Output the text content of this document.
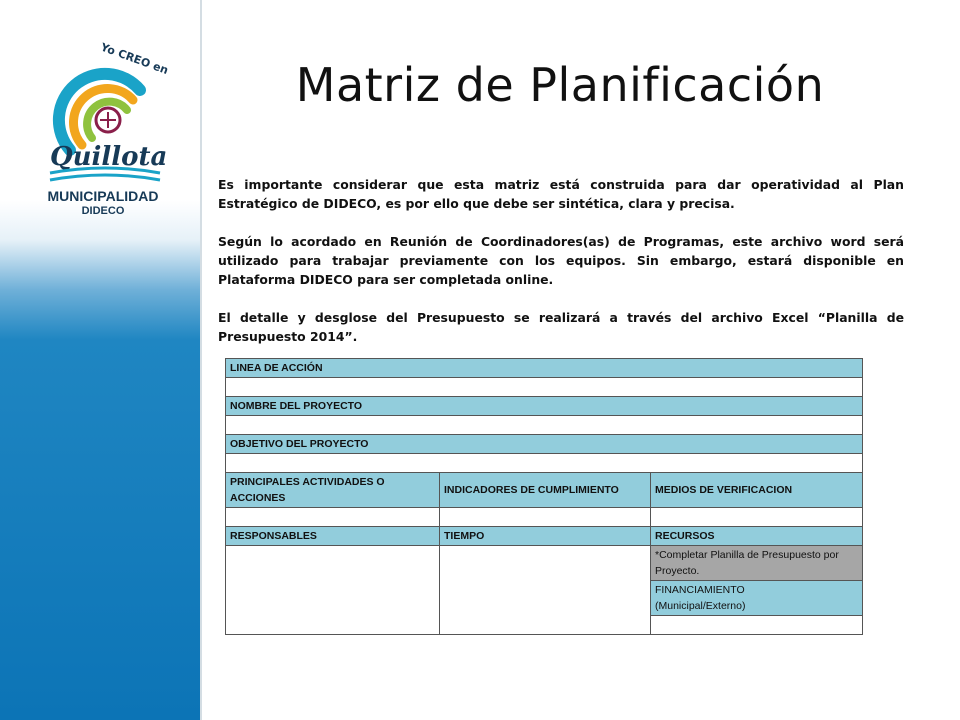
Yo CREO en
Quillota
MUNICIPALIDAD
DIDECO
Matriz de Planificación

Es importante considerar que esta matriz está construida para dar operatividad al Plan Estratégico de DIDECO, es por ello que debe ser sintética, clara y precisa.

Según lo acordado en Reunión de Coordinadores(as) de Programas, este archivo word será utilizado para trabajar previamente con los equipos. Sin embargo, estará disponible en Plataforma DIDECO para ser completada online.

El detalle y desglose del Presupuesto se realizará a través del archivo Excel “Planilla de Presupuesto 2014”.

LINEA DE ACCIÓN		

NOMBRE DEL PROYECTO		

OBJETIVO DEL PROYECTO		

PRINCIPALES ACTIVIDADES O ACCIONES	INDICADORES DE CUMPLIMIENTO	MEDIOS DE VERIFICACION

RESPONSABLES	TIEMPO	RECURSOS
		*Completar Planilla de Presupuesto por Proyecto.
		FINANCIAMIENTO
(Municipal/Externo)
